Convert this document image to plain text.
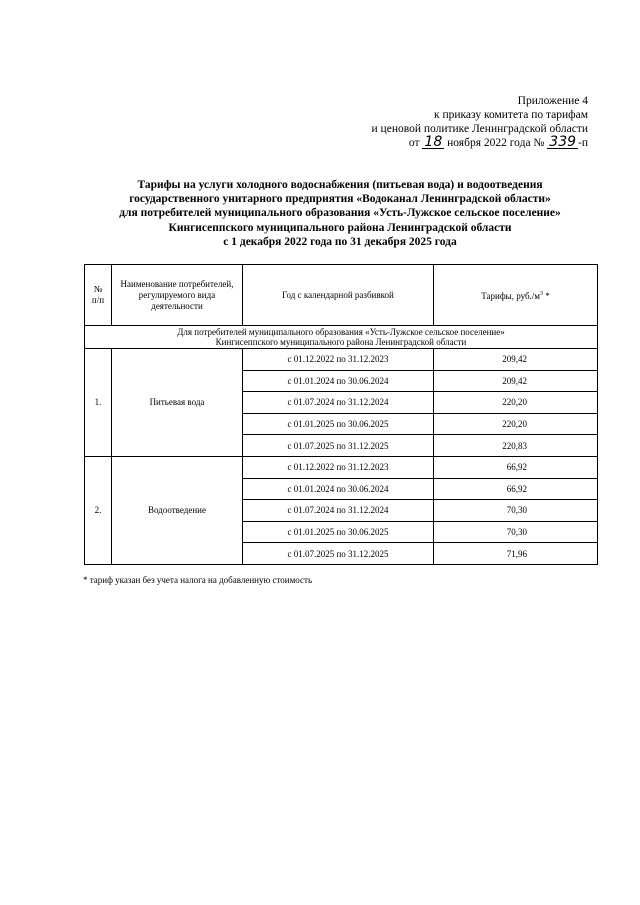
Приложение 4
к приказу комитета по тарифам
и ценовой политике Ленинградской области
от 18 ноября 2022 года № 339 -п
Тарифы на услуги холодного водоснабжения (питьевая вода) и водоотведения
государственного унитарного предприятия «Водоканал Ленинградской области»
для потребителей муниципального образования «Усть-Лужское сельское поселение»
Кингисеппского муниципального района Ленинградской области
с 1 декабря 2022 года по 31 декабря 2025 года
№ п/п	Наименование потребителей, регулируемого вида деятельности	Год с календарной разбивкой	Тарифы, $руб./м^3$ *

Для потребителей муниципального образования «Усть-Лужское сельское поселение»
Кингисеппского муниципального района Ленинградской области			

1.	Питьевая вода	с 01.12.2022 по 31.12.2023	209,42
		с 01.01.2024 по 30.06.2024	209,42
		с 01.07.2024 по 31.12.2024	220,20
		с 01.01.2025 по 30.06.2025	220,20
		с 01.07.2025 по 31.12.2025	220,83
2.	Водоотведение	с 01.12.2022 по 31.12.2023	66,92
		с 01.01.2024 по 30.06.2024	66,92
		с 01.07.2024 по 31.12.2024	70,30
		с 01.01.2025 по 30.06.2025	70,30
		с 01.07.2025 по 31.12.2025	71,96
* тариф указан без учета налога на добавленную стоимость
